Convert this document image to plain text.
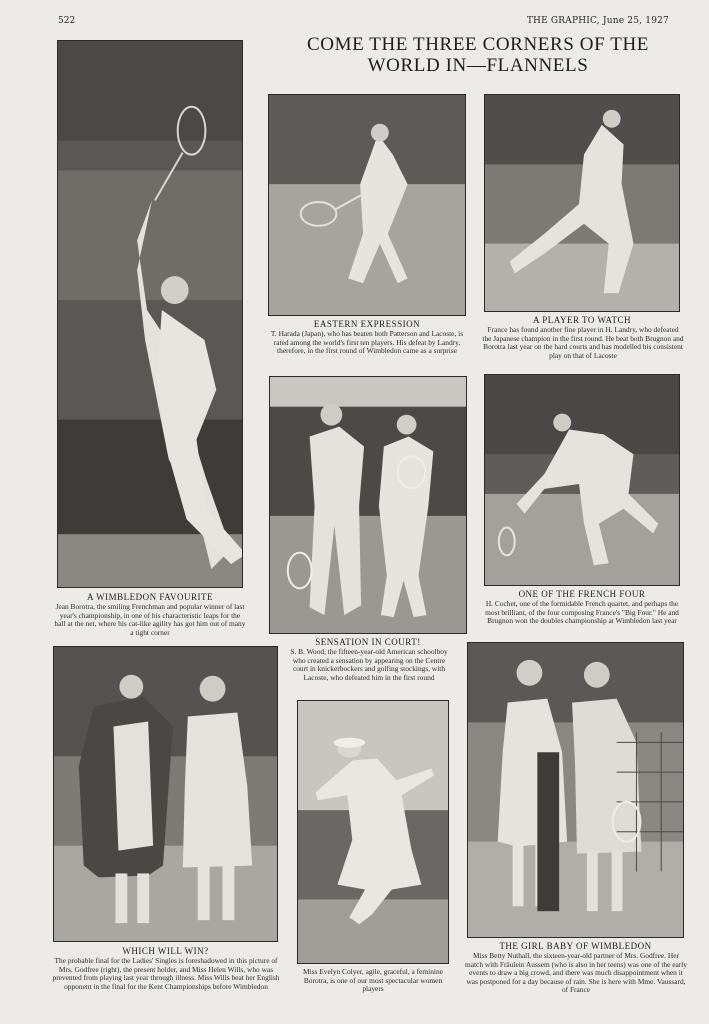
522	THE GRAPHIC, June 25, 1927
COME THE THREE CORNERS OF THE
WORLD IN—FLANNELS
A WIMBLEDON FAVOURITE
Jean Borotra, the smiling Frenchman and popular winner of last year's championship, in one of his characteristic leaps for the ball at the net, where his cat-like agility has got him out of many a tight corner
EASTERN EXPRESSION
T. Harada (Japan), who has beaten both Patterson and Lacoste, is rated among the world's first ten players. His defeat by Landry, therefore, in the first round of Wimbledon came as a surprise
A PLAYER TO WATCH
France has found another fine player in H. Landry, who defeated the Japanese champion in the first round. He beat both Brugnon and Borotra last year on the hard courts and has modelled his consistent play on that of Lacoste
SENSATION IN COURT!
S. B. Wood, the fifteen-year-old American schoolboy who created a sensation by appearing on the Centre court in knickerbockers and golfing stockings, with Lacoste, who defeated him in the first round
ONE OF THE FRENCH FOUR
H. Cochet, one of the formidable French quartet, and perhaps the most brilliant, of the four composing France's "Big Four." He and Brugnon won the doubles championship at Wimbledon last year
WHICH WILL WIN?
The probable final for the Ladies' Singles is foreshadowed in this picture of Mrs. Godfree (right), the present holder, and Miss Helen Wills, who was prevented from playing last year through illness. Miss Wills beat her English opponent in the final for the Kent Championships before Wimbledon
Miss Evelyn Colyer, agile, graceful, a feminine Borotra, is one of our most spectacular women players
THE GIRL BABY OF WIMBLEDON
Miss Betty Nuthall, the sixteen-year-old partner of Mrs. Godfree. Her match with Fräulein Aussem (who is also in her teens) was one of the early events to draw a big crowd, and there was much disappointment when it was postponed for a day because of rain. She is here with Mme. Vaussard, of France
